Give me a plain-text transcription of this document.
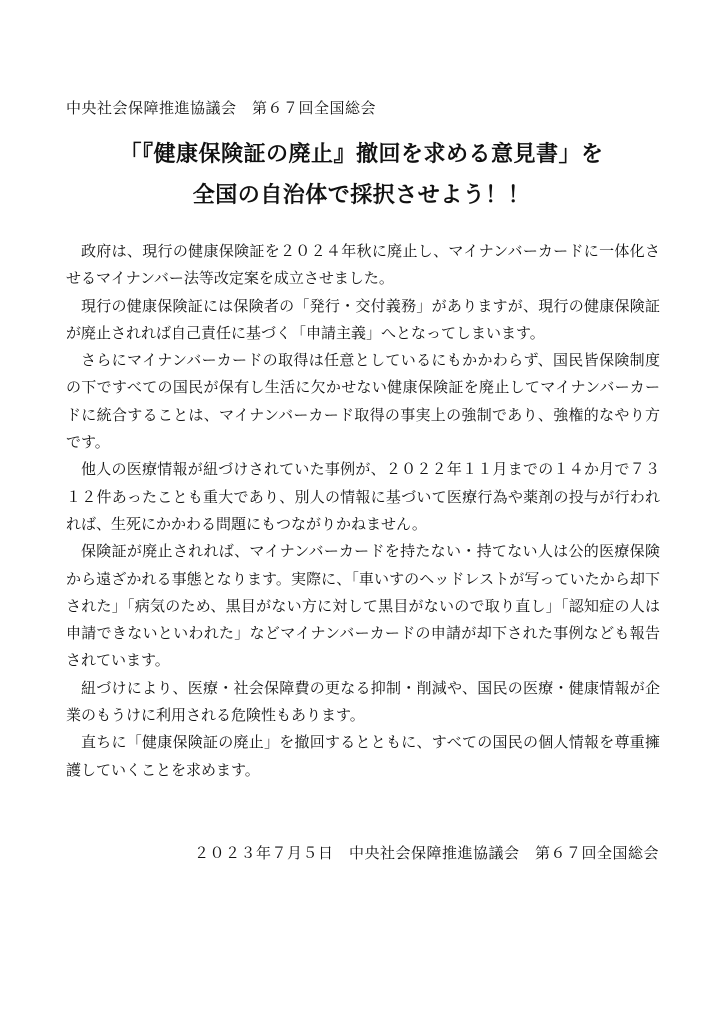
中央社会保障推進協議会　第６７回全国総会
「『健康保険証の廃止』撤回を求める意見書」を
全国の自治体で採択させよう！！

政府は、現行の健康保険証を２０２４年秋に廃止し、マイナンバーカードに一体化させるマイナンバー法等改定案を成立させました。

現行の健康保険証には保険者の「発行・交付義務」がありますが、現行の健康保険証が廃止されれば自己責任に基づく「申請主義」へとなってしまいます。

さらにマイナンバーカードの取得は任意としているにもかかわらず、国民皆保険制度の下ですべての国民が保有し生活に欠かせない健康保険証を廃止してマイナンバーカードに統合することは、マイナンバーカード取得の事実上の強制であり、強権的なやり方です。

他人の医療情報が紐づけされていた事例が、２０２２年１１月までの１４か月で７３１２件あったことも重大であり、別人の情報に基づいて医療行為や薬剤の投与が行われれば、生死にかかわる問題にもつながりかねません。

保険証が廃止されれば、マイナンバーカードを持たない・持てない人は公的医療保険から遠ざかれる事態となります。実際に、「車いすのヘッドレストが写っていたから却下された」「病気のため、黒目がない方に対して黒目がないので取り直し」「認知症の人は申請できないといわれた」などマイナンバーカードの申請が却下された事例なども報告されています。

紐づけにより、医療・社会保障費の更なる抑制・削減や、国民の医療・健康情報が企業のもうけに利用される危険性もあります。

直ちに「健康保険証の廃止」を撤回するとともに、すべての国民の個人情報を尊重擁護していくことを求めます。

２０２３年７月５日　中央社会保障推進協議会　第６７回全国総会
